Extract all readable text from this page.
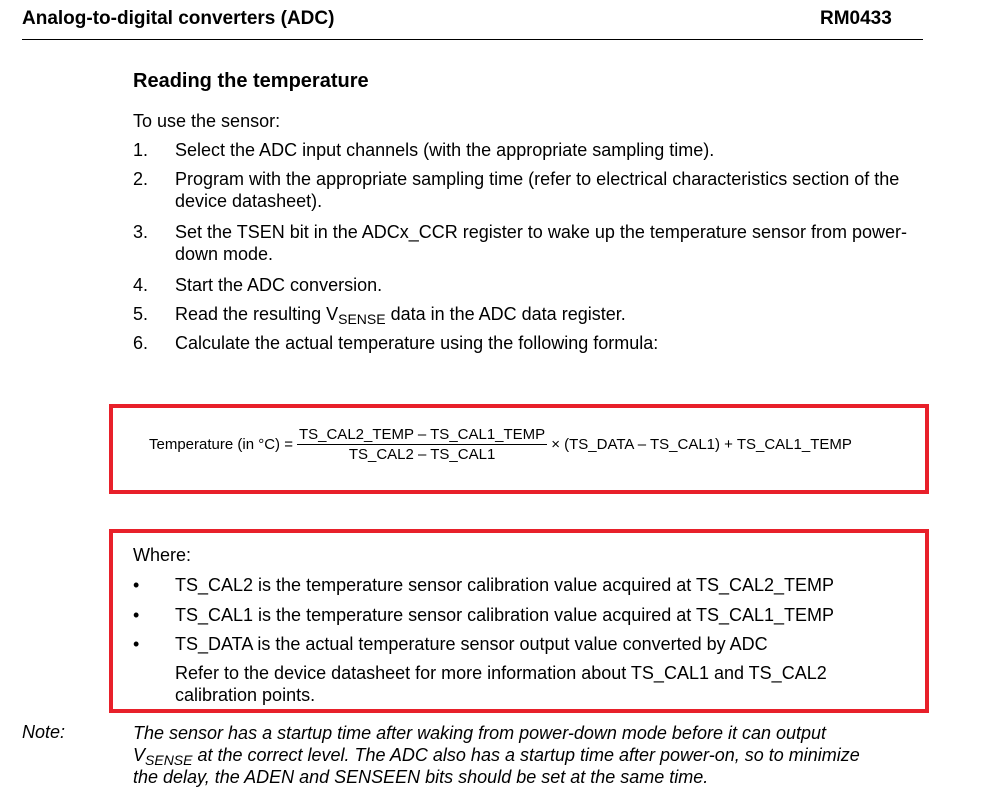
Analog-to-digital converters (ADC)	RM0433
Reading the temperature
To use the sensor:
1. Select the ADC input channels (with the appropriate sampling time).
2. Program with the appropriate sampling time (refer to electrical characteristics section of the device datasheet).
3. Set the TSEN bit in the ADCx_CCR register to wake up the temperature sensor from power-down mode.
4. Start the ADC conversion.
5. Read the resulting $V_{SENSE}$ data in the ADC data register.
6. Calculate the actual temperature using the following formula:
Temperature (in $^\circ C) = \frac{\text{TS\_CAL2\_TEMP – TS\_CAL1\_TEMP}}{\text{TS\_CAL2 – TS\_CAL1}}$ × (TS_DATA – TS_CAL1) + TS_CAL1_TEMP
Where:
• TS_CAL2 is the temperature sensor calibration value acquired at TS_CAL2_TEMP
• TS_CAL1 is the temperature sensor calibration value acquired at TS_CAL1_TEMP
• TS_DATA is the actual temperature sensor output value converted by ADC
Refer to the device datasheet for more information about TS_CAL1 and TS_CAL2 calibration points.
Note:	The sensor has a startup time after waking from power-down mode before it can output
$V_{SENSE}$ at the correct level. The ADC also has a startup time after power-on, so to minimize
the delay, the ADEN and SENSEEN bits should be set at the same time.
